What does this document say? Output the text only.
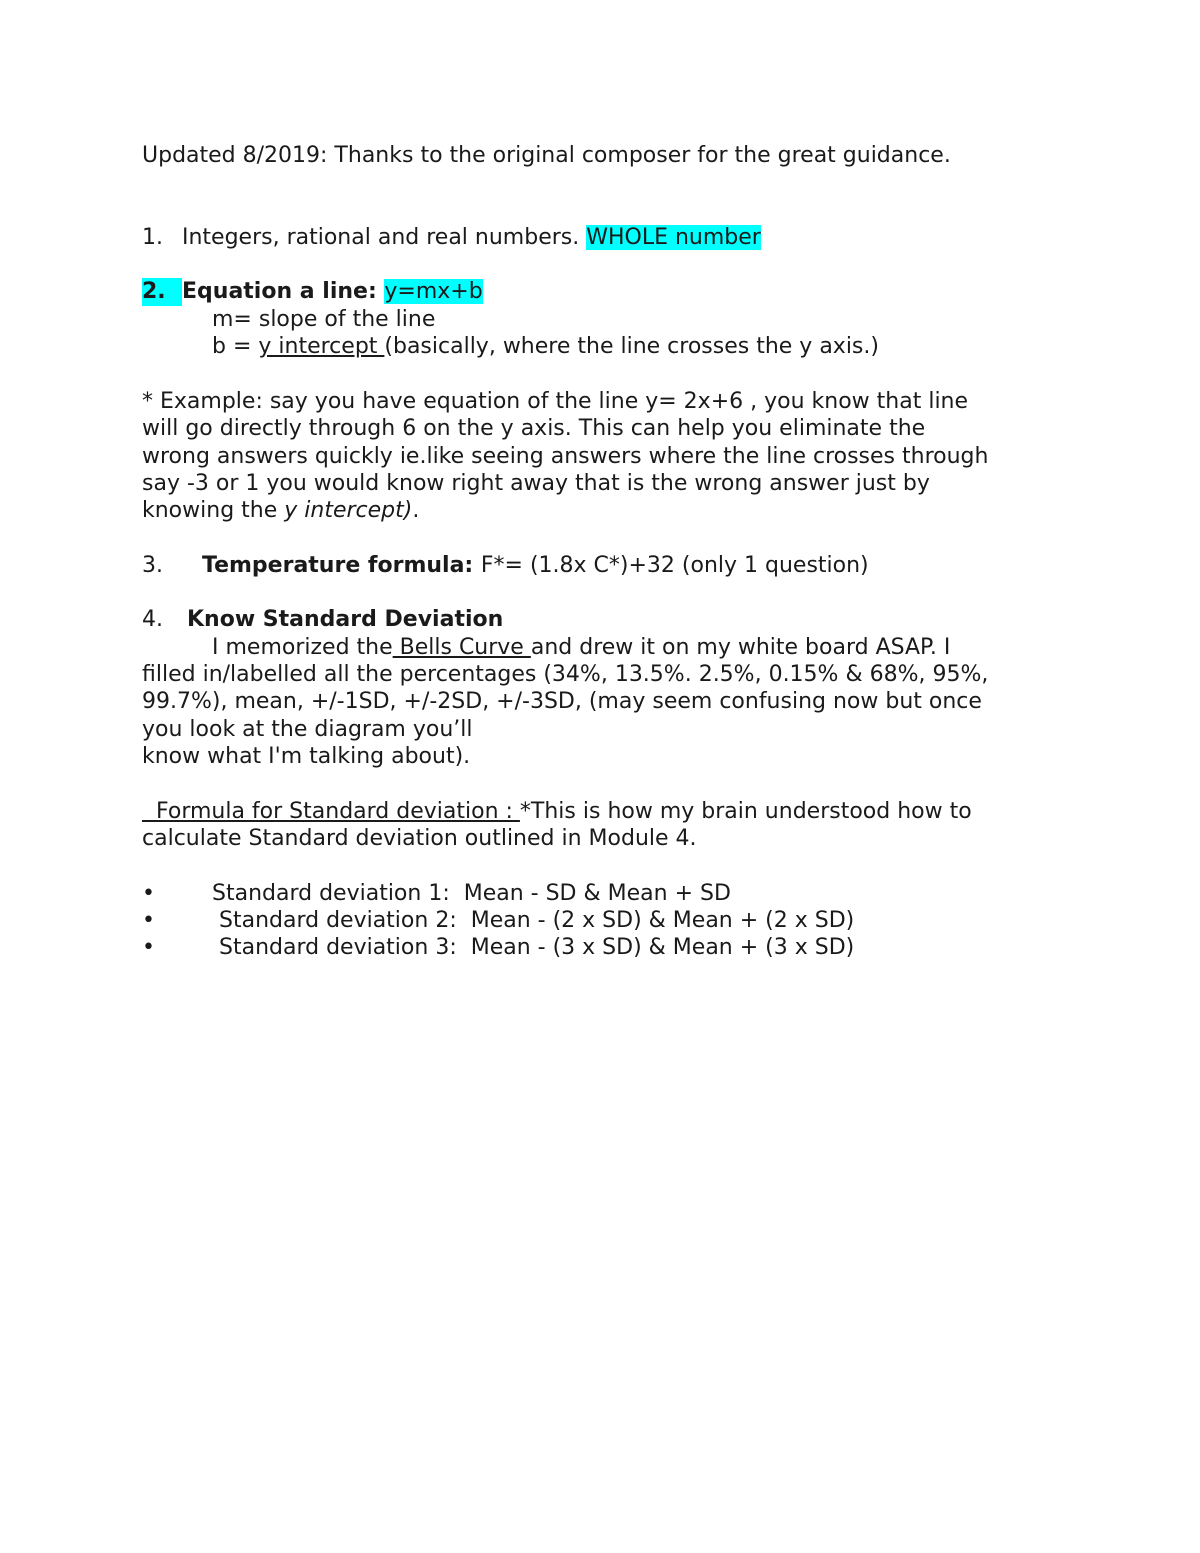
Updated 8/2019: Thanks to the original composer for the great guidance.
1. Integers, rational and real numbers. WHOLE number
2. Equation a line: y=mx+b
m= slope of the line
b = y intercept (basically, where the line crosses the y axis.)
* Example: say you have equation of the line y= 2x+6 , you know that line
will go directly through 6 on the y axis. This can help you eliminate the
wrong answers quickly ie.like seeing answers where the line crosses through
say -3 or 1 you would know right away that is the wrong answer just by
knowing the y intercept).
3. Temperature formula: F*= (1.8x C*)+32 (only 1 question)
4. Know Standard Deviation
I memorized the Bells Curve and drew it on my white board ASAP. I
filled in/labelled all the percentages (34%, 13.5%. 2.5%, 0.15% & 68%, 95%,
99.7%), mean, +/-1SD, +/-2SD, +/-3SD, (may seem confusing now but once
you look at the diagram you’ll
know what I'm talking about).
Formula for Standard deviation : *This is how my brain understood how to
calculate Standard deviation outlined in Module 4.
•	Standard deviation 1:  Mean - SD & Mean + SD
•	Standard deviation 2:  Mean - (2 x SD) & Mean + (2 x SD)
•	Standard deviation 3:  Mean - (3 x SD) & Mean + (3 x SD)
